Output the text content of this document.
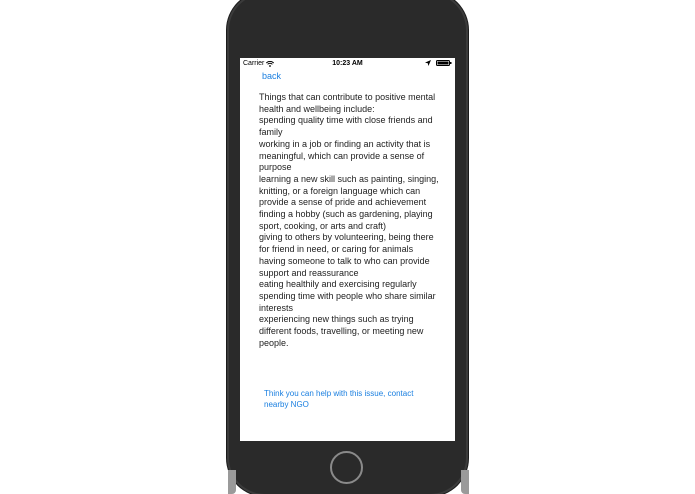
Carrier	10:23 AM
back
Things that can contribute to positive mental health and wellbeing include:
spending quality time with close friends and family
working in a job or finding an activity that is meaningful, which can provide a sense of purpose
learning a new skill such as painting, singing, knitting, or a foreign language which can provide a sense of pride and achievement
finding a hobby (such as gardening, playing sport, cooking, or arts and craft)
giving to others by volunteering, being there for friend in need, or caring for animals
having someone to talk to who can provide support and reassurance
eating healthily and exercising regularly
spending time with people who share similar interests
experiencing new things such as trying different foods, travelling, or meeting new people.
Think you can help with this issue, contact nearby NGO
